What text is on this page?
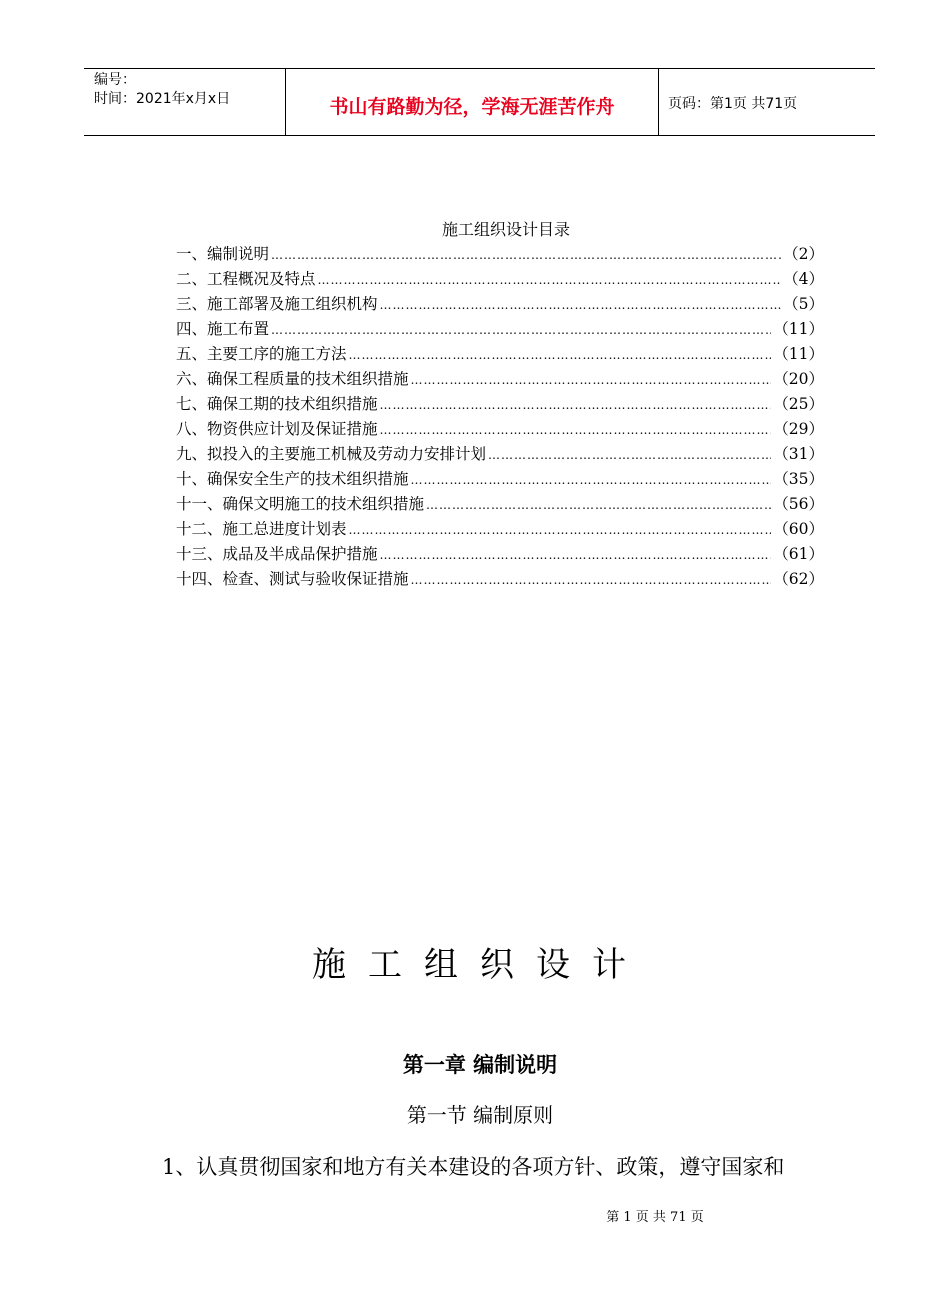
编号：
时间：2021年x月x日	书山有路勤为径，学海无涯苦作舟	页码：第1页 共71页
施工组织设计目录
一、编制说明 …………………………………………………………………………………………………………………………………………………	（2）
二、工程概况及特点 …………………………………………………………………………………………………………………………………………………	（4）
三、施工部署及施工组织机构 …………………………………………………………………………………………………………………………………………………	（5）
四、施工布置 …………………………………………………………………………………………………………………………………………………	（11）
五、主要工序的施工方法 …………………………………………………………………………………………………………………………………………………	（11）
六、确保工程质量的技术组织措施 …………………………………………………………………………………………………………………………………………………	（20）
七、确保工期的技术组织措施 …………………………………………………………………………………………………………………………………………………	（25）
八、物资供应计划及保证措施 …………………………………………………………………………………………………………………………………………………	（29）
九、拟投入的主要施工机械及劳动力安排计划 …………………………………………………………………………………………………………………………………………………	（31）
十、确保安全生产的技术组织措施 …………………………………………………………………………………………………………………………………………………	（35）
十一、确保文明施工的技术组织措施 …………………………………………………………………………………………………………………………………………………	（56）
十二、施工总进度计划表 …………………………………………………………………………………………………………………………………………………	（60）
十三、成品及半成品保护措施 …………………………………………………………………………………………………………………………………………………	（61）
十四、检查、测试与验收保证措施 …………………………………………………………………………………………………………………………………………………	（62）
施工组织设计
第一章 编制说明
第一节 编制原则
1、认真贯彻国家和地方有关本建设的各项方针、政策，遵守国家和
第 1 页 共 71 页
